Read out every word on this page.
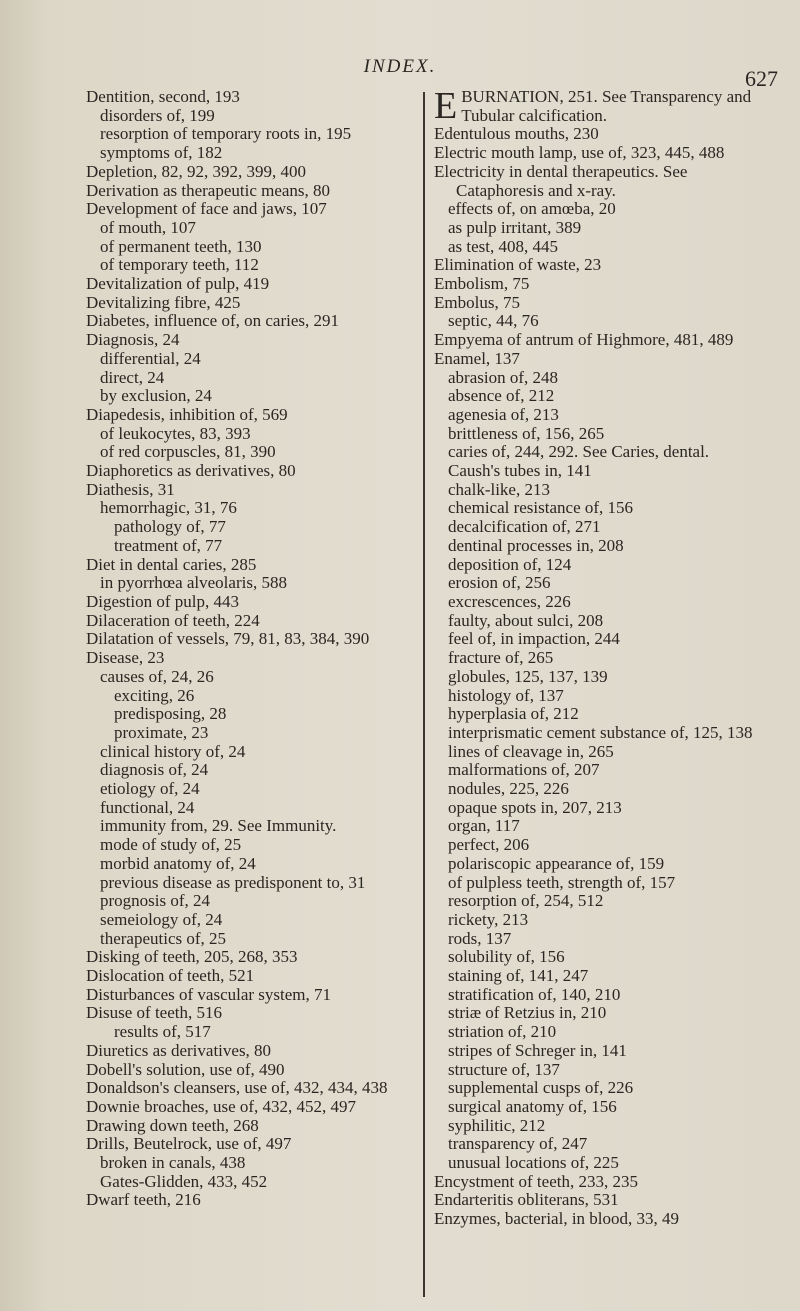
INDEX.	627
Dentition, second, 193
disorders of, 199
resorption of temporary roots in, 195
symptoms of, 182
Depletion, 82, 92, 392, 399, 400
Derivation as therapeutic means, 80
Development of face and jaws, 107
of mouth, 107
of permanent teeth, 130
of temporary teeth, 112
Devitalization of pulp, 419
Devitalizing fibre, 425
Diabetes, influence of, on caries, 291
Diagnosis, 24
differential, 24
direct, 24
by exclusion, 24
Diapedesis, inhibition of, 569
of leukocytes, 83, 393
of red corpuscles, 81, 390
Diaphoretics as derivatives, 80
Diathesis, 31
hemorrhagic, 31, 76
pathology of, 77
treatment of, 77
Diet in dental caries, 285
in pyorrhœa alveolaris, 588
Digestion of pulp, 443
Dilaceration of teeth, 224
Dilatation of vessels, 79, 81, 83, 384, 390
Disease, 23
causes of, 24, 26
exciting, 26
predisposing, 28
proximate, 23
clinical history of, 24
diagnosis of, 24
etiology of, 24
functional, 24
immunity from, 29. See Immunity.
mode of study of, 25
morbid anatomy of, 24
previous disease as predisponent to, 31
prognosis of, 24
semeiology of, 24
therapeutics of, 25
Disking of teeth, 205, 268, 353
Dislocation of teeth, 521
Disturbances of vascular system, 71
Disuse of teeth, 516
results of, 517
Diuretics as derivatives, 80
Dobell's solution, use of, 490
Donaldson's cleansers, use of, 432, 434, 438
Downie broaches, use of, 432, 452, 497
Drawing down teeth, 268
Drills, Beutelrock, use of, 497
broken in canals, 438
Gates-Glidden, 433, 452
Dwarf teeth, 216
E BURNATION, 251. See Transparency and Tubular calcification.
Edentulous mouths, 230
Electric mouth lamp, use of, 323, 445, 488
Electricity in dental therapeutics. See Cataphoresis and x-ray.
effects of, on amœba, 20
as pulp irritant, 389
as test, 408, 445
Elimination of waste, 23
Embolism, 75
Embolus, 75
septic, 44, 76
Empyema of antrum of Highmore, 481, 489
Enamel, 137
abrasion of, 248
absence of, 212
agenesia of, 213
brittleness of, 156, 265
caries of, 244, 292. See Caries, dental.
Caush's tubes in, 141
chalk-like, 213
chemical resistance of, 156
decalcification of, 271
dentinal processes in, 208
deposition of, 124
erosion of, 256
excrescences, 226
faulty, about sulci, 208
feel of, in impaction, 244
fracture of, 265
globules, 125, 137, 139
histology of, 137
hyperplasia of, 212
interprismatic cement substance of, 125, 138
lines of cleavage in, 265
malformations of, 207
nodules, 225, 226
opaque spots in, 207, 213
organ, 117
perfect, 206
polariscopic appearance of, 159
of pulpless teeth, strength of, 157
resorption of, 254, 512
rickety, 213
rods, 137
solubility of, 156
staining of, 141, 247
stratification of, 140, 210
striæ of Retzius in, 210
striation of, 210
stripes of Schreger in, 141
structure of, 137
supplemental cusps of, 226
surgical anatomy of, 156
syphilitic, 212
transparency of, 247
unusual locations of, 225
Encystment of teeth, 233, 235
Endarteritis obliterans, 531
Enzymes, bacterial, in blood, 33, 49
